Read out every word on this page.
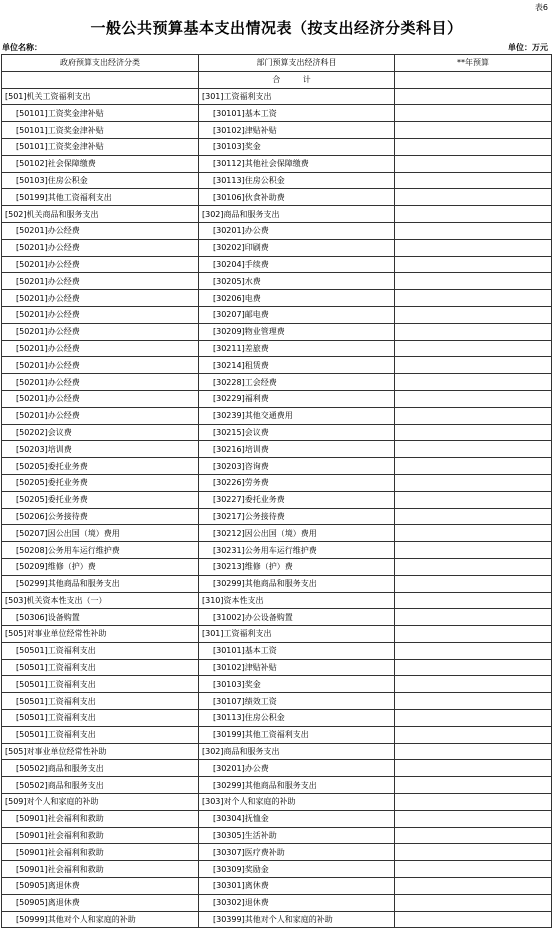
表6
一般公共预算基本支出情况表（按支出经济分类科目）
单位名称：	单位：万元
政府预算支出经济分类	部门预算支出经济科目	**年预算
	合 计	
[501]机关工资福利支出	[301]工资福利支出	
[50101]工资奖金津补贴	[30101]基本工资	
[50101]工资奖金津补贴	[30102]津贴补贴	
[50101]工资奖金津补贴	[30103]奖金	
[50102]社会保障缴费	[30112]其他社会保障缴费	
[50103]住房公积金	[30113]住房公积金	
[50199]其他工资福利支出	[30106]伙食补助费	
[502]机关商品和服务支出	[302]商品和服务支出	
[50201]办公经费	[30201]办公费	
[50201]办公经费	[30202]印刷费	
[50201]办公经费	[30204]手续费	
[50201]办公经费	[30205]水费	
[50201]办公经费	[30206]电费	
[50201]办公经费	[30207]邮电费	
[50201]办公经费	[30209]物业管理费	
[50201]办公经费	[30211]差旅费	
[50201]办公经费	[30214]租赁费	
[50201]办公经费	[30228]工会经费	
[50201]办公经费	[30229]福利费	
[50201]办公经费	[30239]其他交通费用	
[50202]会议费	[30215]会议费	
[50203]培训费	[30216]培训费	
[50205]委托业务费	[30203]咨询费	
[50205]委托业务费	[30226]劳务费	
[50205]委托业务费	[30227]委托业务费	
[50206]公务接待费	[30217]公务接待费	
[50207]因公出国（境）费用	[30212]因公出国（境）费用	
[50208]公务用车运行维护费	[30231]公务用车运行维护费	
[50209]维修（护）费	[30213]维修（护）费	
[50299]其他商品和服务支出	[30299]其他商品和服务支出	
[503]机关资本性支出（一）	[310]资本性支出	
[50306]设备购置	[31002]办公设备购置	
[505]对事业单位经常性补助	[301]工资福利支出	
[50501]工资福利支出	[30101]基本工资	
[50501]工资福利支出	[30102]津贴补贴	
[50501]工资福利支出	[30103]奖金	
[50501]工资福利支出	[30107]绩效工资	
[50501]工资福利支出	[30113]住房公积金	
[50501]工资福利支出	[30199]其他工资福利支出	
[505]对事业单位经常性补助	[302]商品和服务支出	
[50502]商品和服务支出	[30201]办公费	
[50502]商品和服务支出	[30299]其他商品和服务支出	
[509]对个人和家庭的补助	[303]对个人和家庭的补助	
[50901]社会福利和救助	[30304]抚恤金	
[50901]社会福利和救助	[30305]生活补助	
[50901]社会福利和救助	[30307]医疗费补助	
[50901]社会福利和救助	[30309]奖励金	
[50905]离退休费	[30301]离休费	
[50905]离退休费	[30302]退休费	
[50999]其他对个人和家庭的补助	[30399]其他对个人和家庭的补助	
